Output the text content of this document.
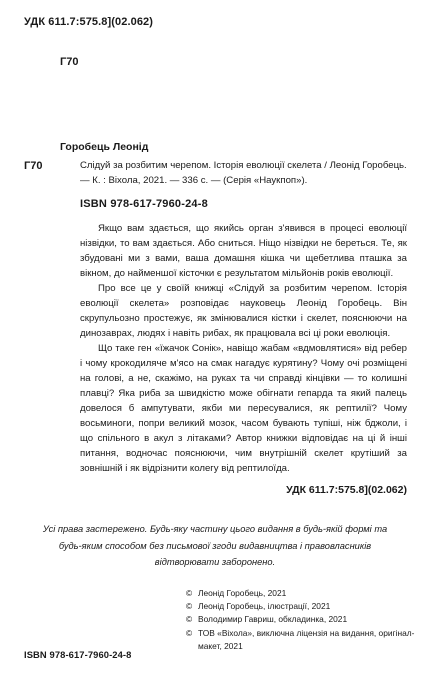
УДК 611.7:575.8](02.062)
Г70
Горобець Леонід
Г70	Слідуй за розбитим черепом. Історія еволюції скелета / Леонід Горобець. — К. : Віхола, 2021. — 336 с. — (Серія «Наукпоп»).
ISBN 978-617-7960-24-8

Якщо вам здається, що якийсь орган з'явився в процесі еволюції нізвідки, то вам здається. Або сниться. Ніщо нізвідки не береться. Те, як збудовані ми з вами, ваша домашня кішка чи щебетлива пташка за вікном, до найменшої кісточки є результатом мільйонів років еволюції.

Про все це у своїй книжці «Слідуй за розбитим черепом. Історія еволюції скелета» розповідає науковець Леонід Горобець. Він скрупульозно простежує, як змінювалися кістки і скелет, пояснюючи на динозаврах, людях і навіть рибах, як працювала всі ці роки еволюція.

Що таке ген «їжачок Сонік», навіщо жабам «вдмовлятися» від ребер і чому крокодиляче м'ясо на смак нагадує курятину? Чому очі розміщені на голові, а не, скажімо, на руках та чи справді кінцівки — то колишні плавці? Яка риба за швидкістю може обігнати гепарда та який палець довелося б ампутувати, якби ми пересувалися, як рептилії? Чому восьминоги, попри великий мозок, часом бувають тупішi, ніж бджоли, і що спільного в акул з літаками? Автор книжки відповідає на ці й інші питання, водночас пояснюючи, чим внутрішній скелет крутіший за зовнішній і як відрізнити колегу від рептилоїда.

УДК 611.7:575.8](02.062)
Усі права застережено. Будь-яку частину цього видання в будь-якій формі та будь-яким способом без письмової згоди видавництва і правовласників відтворювати заборонено.
© Леонід Горобець, 2021
© Леонід Горобець, ілюстрації, 2021
© Володимир Гавриш, обкладинка, 2021
© ТОВ «Віхола», виключна ліцензія на видання, оригінал-макет, 2021
ISBN 978-617-7960-24-8
